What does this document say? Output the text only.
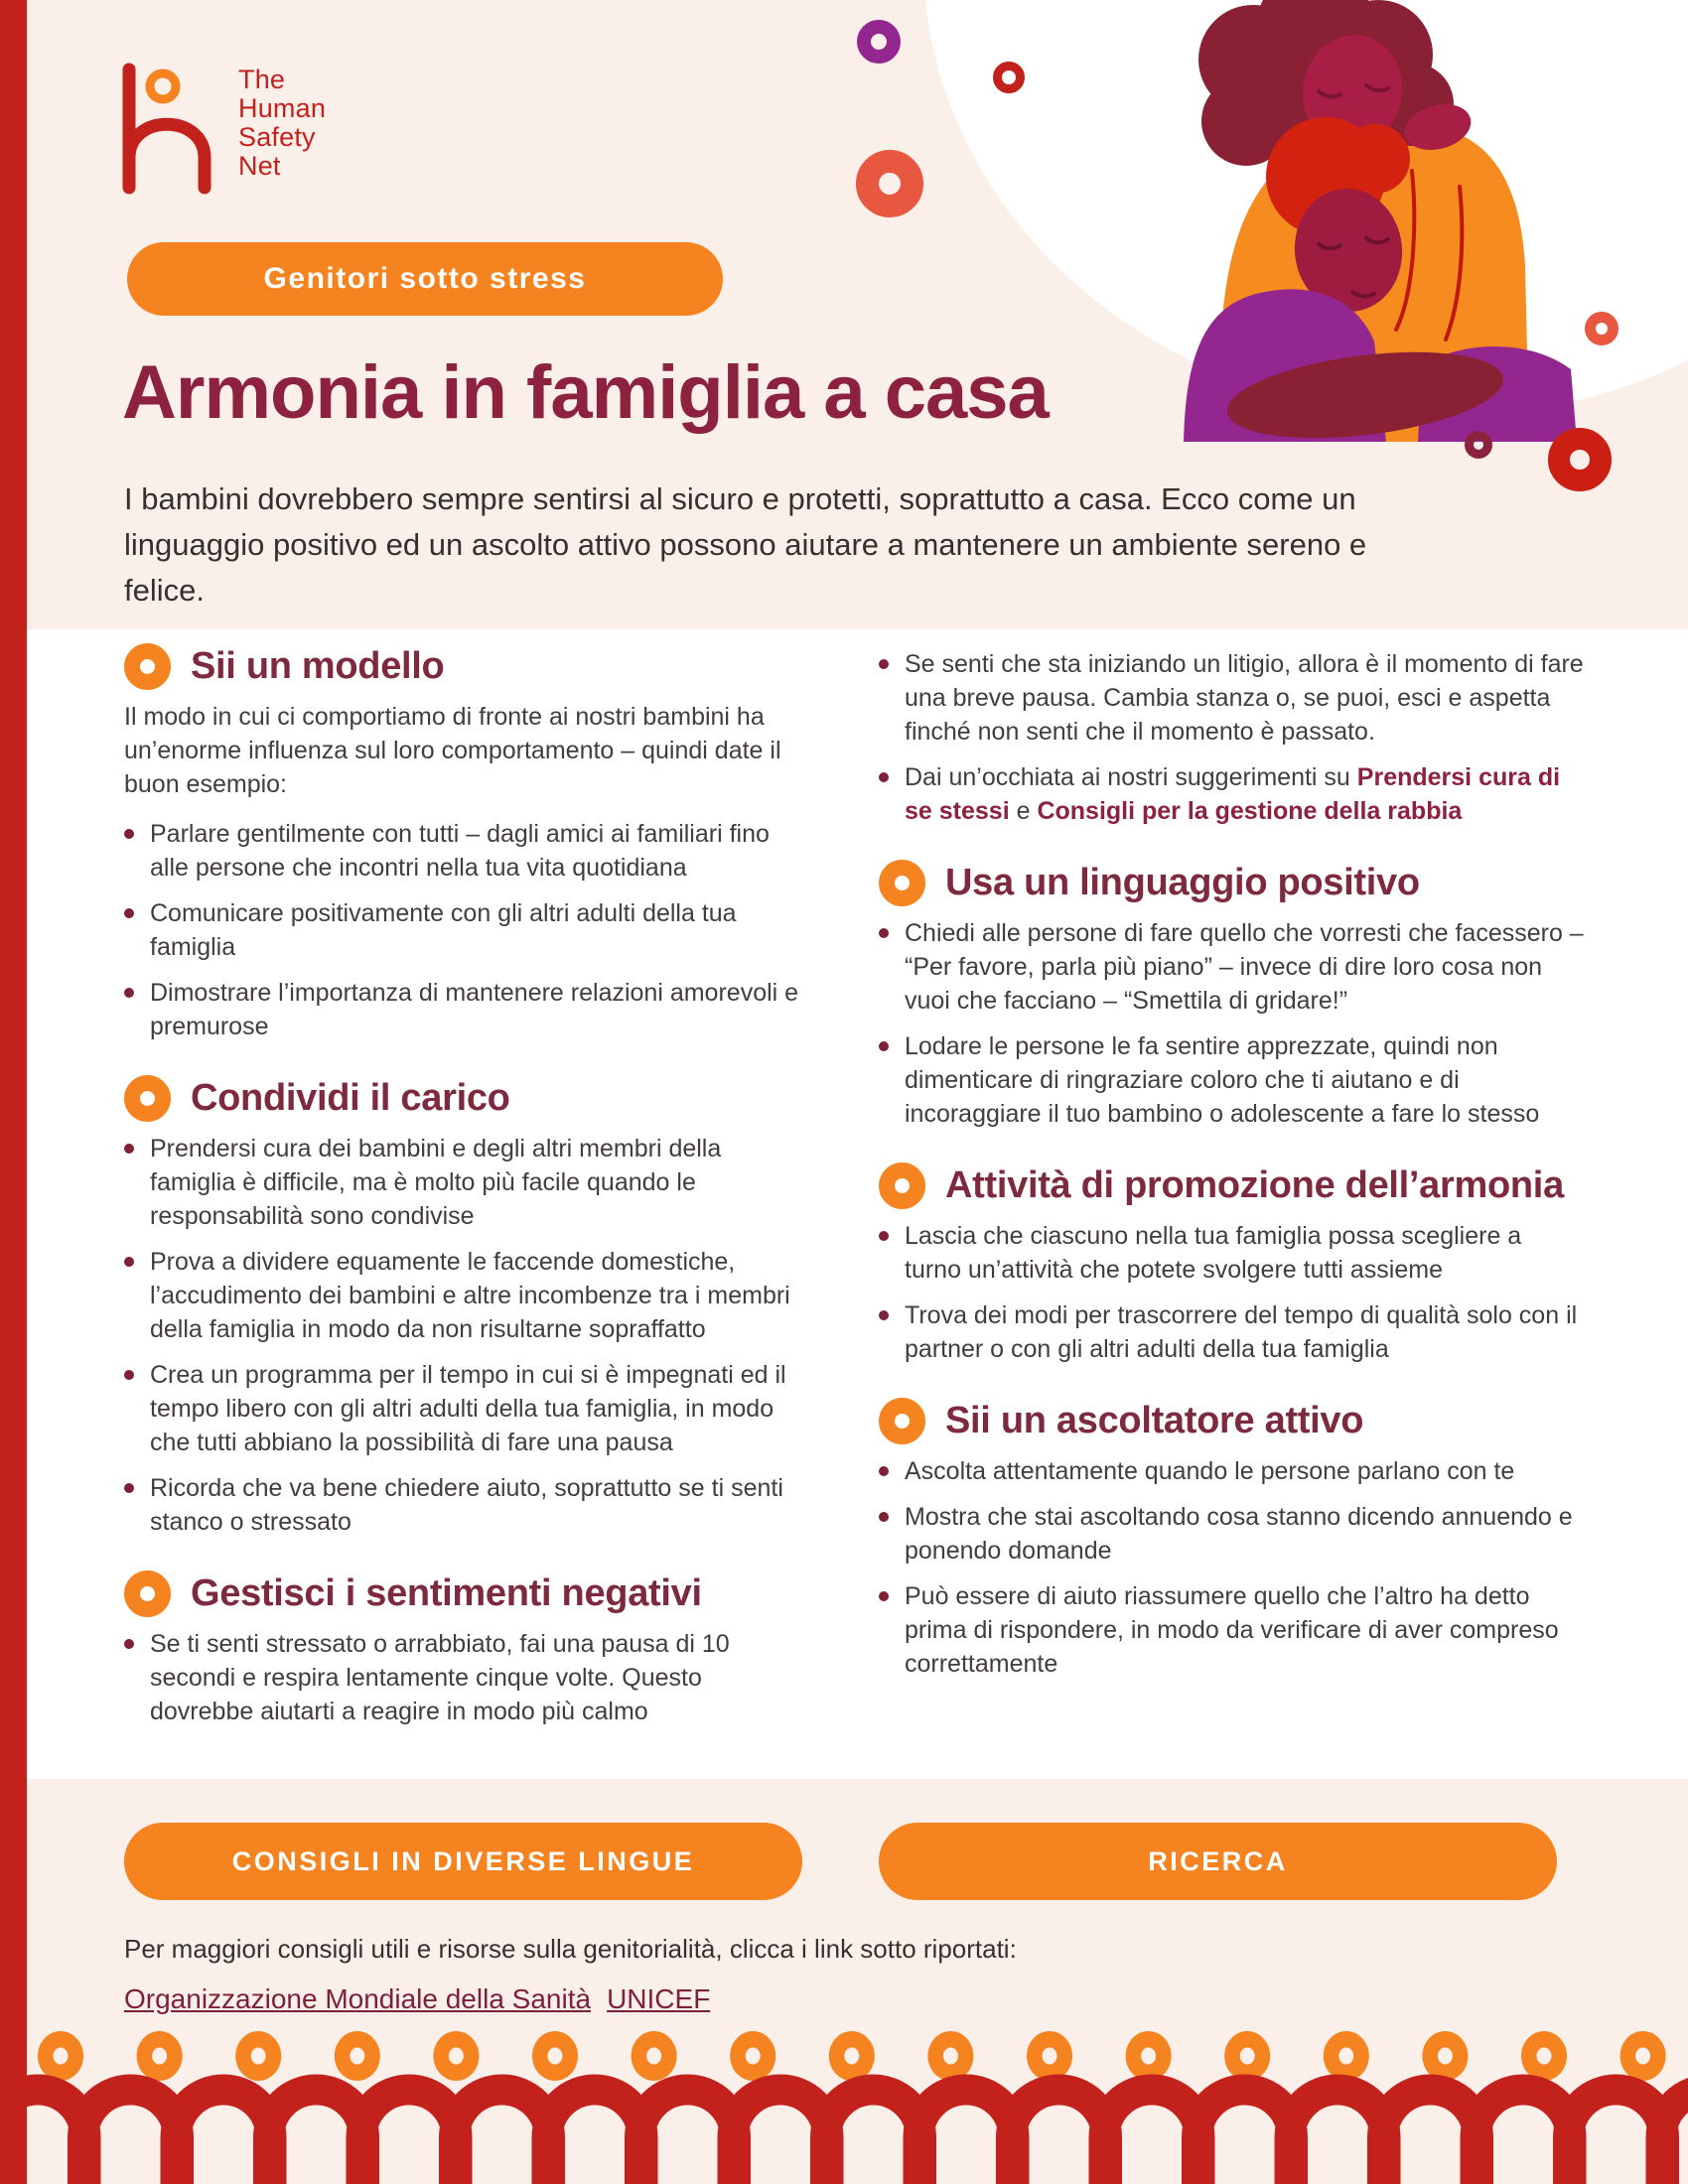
The
Human
Safety
Net
Genitori sotto stress
Armonia in famiglia a casa

I bambini dovrebbero sempre sentirsi al sicuro e protetti, soprattutto a casa. Ecco come un linguaggio positivo ed un ascolto attivo possono aiutare a mantenere un ambiente sereno e felice.

Sii un modello

Il modo in cui ci comportiamo di fronte ai nostri bambini ha un’enorme influenza sul loro comportamento – quindi date il buon esempio:

Parlare gentilmente con tutti – dagli amici ai familiari fino alle persone che incontri nella tua vita quotidiana

Comunicare positivamente con gli altri adulti della tua famiglia

Dimostrare l’importanza di mantenere relazioni amorevoli e premurose

Condividi il carico

Prendersi cura dei bambini e degli altri membri della famiglia è difficile, ma è molto più facile quando le responsabilità sono condivise

Prova a dividere equamente le faccende domestiche, l’accudimento dei bambini e altre incombenze tra i membri della famiglia in modo da non risultarne sopraffatto

Crea un programma per il tempo in cui si è impegnati ed il tempo libero con gli altri adulti della tua famiglia, in modo che tutti abbiano la possibilità di fare una pausa

Ricorda che va bene chiedere aiuto, soprattutto se ti senti stanco o stressato

Gestisci i sentimenti negativi

Se ti senti stressato o arrabbiato, fai una pausa di 10 secondi e respira lentamente cinque volte. Questo dovrebbe aiutarti a reagire in modo più calmo

Se senti che sta iniziando un litigio, allora è il momento di fare una breve pausa. Cambia stanza o, se puoi, esci e aspetta finché non senti che il momento è passato.

Dai un’occhiata ai nostri suggerimenti su Prendersi cura di se stessi e Consigli per la gestione della rabbia

Usa un linguaggio positivo

Chiedi alle persone di fare quello che vorresti che facessero – “Per favore, parla più piano” – invece di dire loro cosa non vuoi che facciano – “Smettila di gridare!”

Lodare le persone le fa sentire apprezzate, quindi non dimenticare di ringraziare coloro che ti aiutano e di incoraggiare il tuo bambino o adolescente a fare lo stesso

Attività di promozione dell’armonia

Lascia che ciascuno nella tua famiglia possa scegliere a turno un’attività che potete svolgere tutti assieme

Trova dei modi per trascorrere del tempo di qualità solo con il partner o con gli altri adulti della tua famiglia

Sii un ascoltatore attivo

Ascolta attentamente quando le persone parlano con te

Mostra che stai ascoltando cosa stanno dicendo annuendo e ponendo domande

Può essere di aiuto riassumere quello che l’altro ha detto prima di rispondere, in modo da verificare di aver compreso correttamente

CONSIGLI IN DIVERSE LINGUE	RICERCA

Per maggiori consigli utili e risorse sulla genitorialità, clicca i link sotto riportati:

Organizzazione Mondiale della Sanità UNICEF
